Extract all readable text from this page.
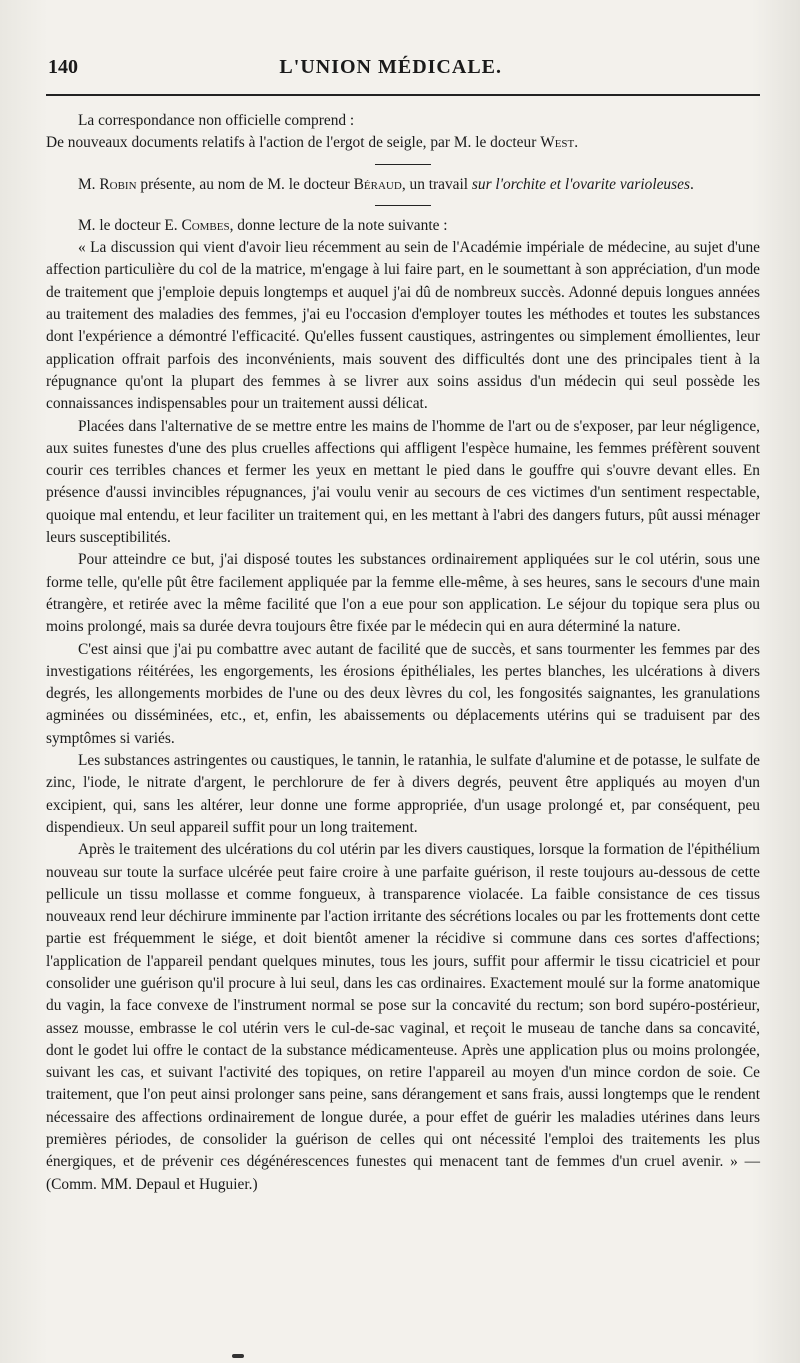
140	L'UNION MÉDICALE.

La correspondance non officielle comprend :

De nouveaux documents relatifs à l'action de l'ergot de seigle, par M. le docteur West.

M. Robin présente, au nom de M. le docteur Béraud, un travail sur l'orchite et l'ovarite varioleuses.

M. le docteur E. Combes, donne lecture de la note suivante :

« La discussion qui vient d'avoir lieu récemment au sein de l'Académie impériale de médecine, au sujet d'une affection particulière du col de la matrice, m'engage à lui faire part, en le soumettant à son appréciation, d'un mode de traitement que j'emploie depuis longtemps et auquel j'ai dû de nombreux succès. Adonné depuis longues années au traitement des maladies des femmes, j'ai eu l'occasion d'employer toutes les méthodes et toutes les substances dont l'expérience a démontré l'efficacité. Qu'elles fussent caustiques, astringentes ou simplement émollientes, leur application offrait parfois des inconvénients, mais souvent des difficultés dont une des principales tient à la répugnance qu'ont la plupart des femmes à se livrer aux soins assidus d'un médecin qui seul possède les connaissances indispensables pour un traitement aussi délicat.

Placées dans l'alternative de se mettre entre les mains de l'homme de l'art ou de s'exposer, par leur négligence, aux suites funestes d'une des plus cruelles affections qui affligent l'espèce humaine, les femmes préfèrent souvent courir ces terribles chances et fermer les yeux en mettant le pied dans le gouffre qui s'ouvre devant elles. En présence d'aussi invincibles répugnances, j'ai voulu venir au secours de ces victimes d'un sentiment respectable, quoique mal entendu, et leur faciliter un traitement qui, en les mettant à l'abri des dangers futurs, pût aussi ménager leurs susceptibilités.

Pour atteindre ce but, j'ai disposé toutes les substances ordinairement appliquées sur le col utérin, sous une forme telle, qu'elle pût être facilement appliquée par la femme elle-même, à ses heures, sans le secours d'une main étrangère, et retirée avec la même facilité que l'on a eue pour son application. Le séjour du topique sera plus ou moins prolongé, mais sa durée devra toujours être fixée par le médecin qui en aura déterminé la nature.

C'est ainsi que j'ai pu combattre avec autant de facilité que de succès, et sans tourmenter les femmes par des investigations réitérées, les engorgements, les érosions épithéliales, les pertes blanches, les ulcérations à divers degrés, les allongements morbides de l'une ou des deux lèvres du col, les fongosités saignantes, les granulations agminées ou disséminées, etc., et, enfin, les abaissements ou déplacements utérins qui se traduisent par des symptômes si variés.

Les substances astringentes ou caustiques, le tannin, le ratanhia, le sulfate d'alumine et de potasse, le sulfate de zinc, l'iode, le nitrate d'argent, le perchlorure de fer à divers degrés, peuvent être appliqués au moyen d'un excipient, qui, sans les altérer, leur donne une forme appropriée, d'un usage prolongé et, par conséquent, peu dispendieux. Un seul appareil suffit pour un long traitement.

Après le traitement des ulcérations du col utérin par les divers caustiques, lorsque la formation de l'épithélium nouveau sur toute la surface ulcérée peut faire croire à une parfaite guérison, il reste toujours au-dessous de cette pellicule un tissu mollasse et comme fongueux, à transparence violacée. La faible consistance de ces tissus nouveaux rend leur déchirure imminente par l'action irritante des sécrétions locales ou par les frottements dont cette partie est fréquemment le siége, et doit bientôt amener la récidive si commune dans ces sortes d'affections; l'application de l'appareil pendant quelques minutes, tous les jours, suffit pour affermir le tissu cicatriciel et pour consolider une guérison qu'il procure à lui seul, dans les cas ordinaires. Exactement moulé sur la forme anatomique du vagin, la face convexe de l'instrument normal se pose sur la concavité du rectum; son bord supéro-postérieur, assez mousse, embrasse le col utérin vers le cul-de-sac vaginal, et reçoit le museau de tanche dans sa concavité, dont le godet lui offre le contact de la substance médicamenteuse. Après une application plus ou moins prolongée, suivant les cas, et suivant l'activité des topiques, on retire l'appareil au moyen d'un mince cordon de soie. Ce traitement, que l'on peut ainsi prolonger sans peine, sans dérangement et sans frais, aussi longtemps que le rendent nécessaire des affections ordinairement de longue durée, a pour effet de guérir les maladies utérines dans leurs premières périodes, de consolider la guérison de celles qui ont nécessité l'emploi des traitements les plus énergiques, et de prévenir ces dégénérescences funestes qui menacent tant de femmes d'un cruel avenir. » — (Comm. MM. Depaul et Huguier.)
